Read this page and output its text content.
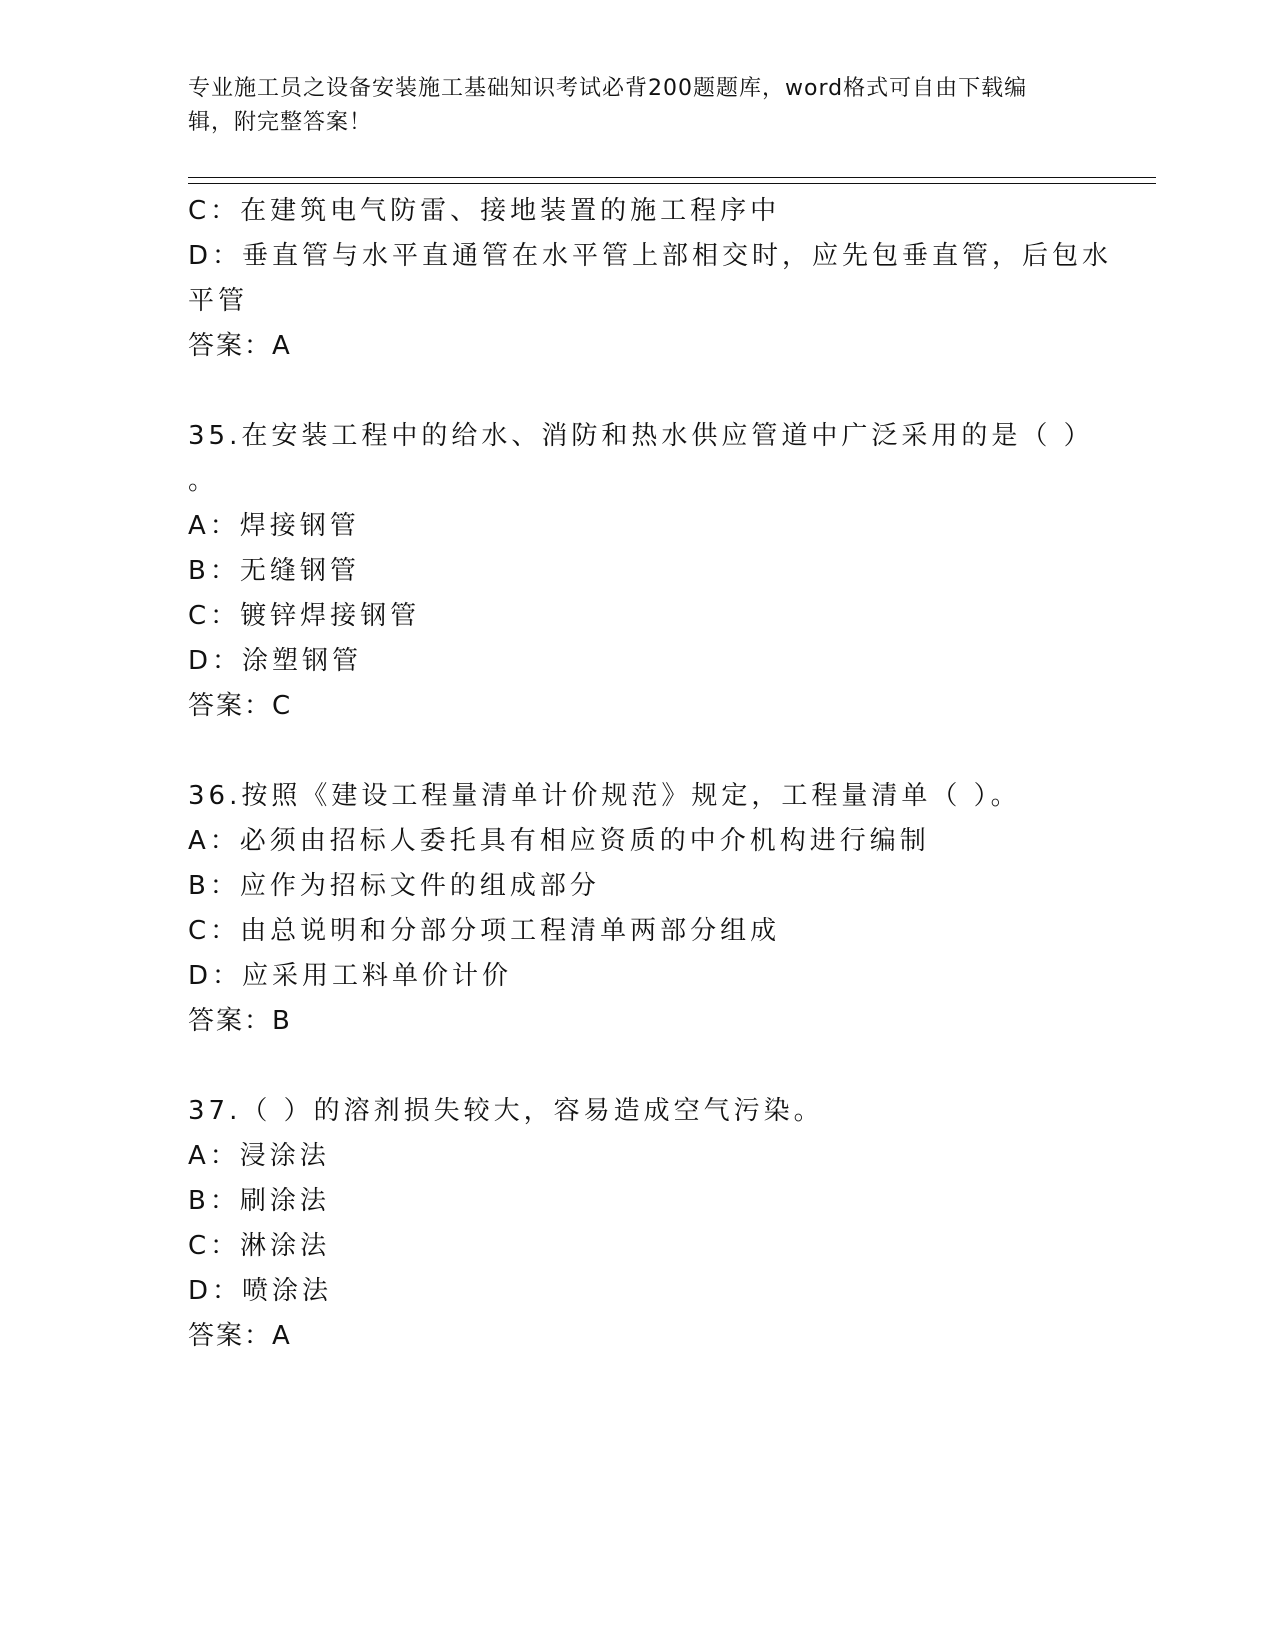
专业施工员之设备安装施工基础知识考试必背200题题库，word格式可自由下载编辑，附完整答案！

C：在建筑电气防雷、接地装置的施工程序中

D：垂直管与水平直通管在水平管上部相交时，应先包垂直管，后包水

平管

答案：A

35.在安装工程中的给水、消防和热水供应管道中广泛采用的是（ ）

。

A：焊接钢管

B：无缝钢管

C：镀锌焊接钢管

D：涂塑钢管

答案：C

36.按照《建设工程量清单计价规范》规定，工程量清单（ ）。

A：必须由招标人委托具有相应资质的中介机构进行编制

B：应作为招标文件的组成部分

C：由总说明和分部分项工程清单两部分组成

D：应采用工料单价计价

答案：B

37.（ ）的溶剂损失较大，容易造成空气污染。

A：浸涂法

B：刷涂法

C：淋涂法

D：喷涂法

答案：A
